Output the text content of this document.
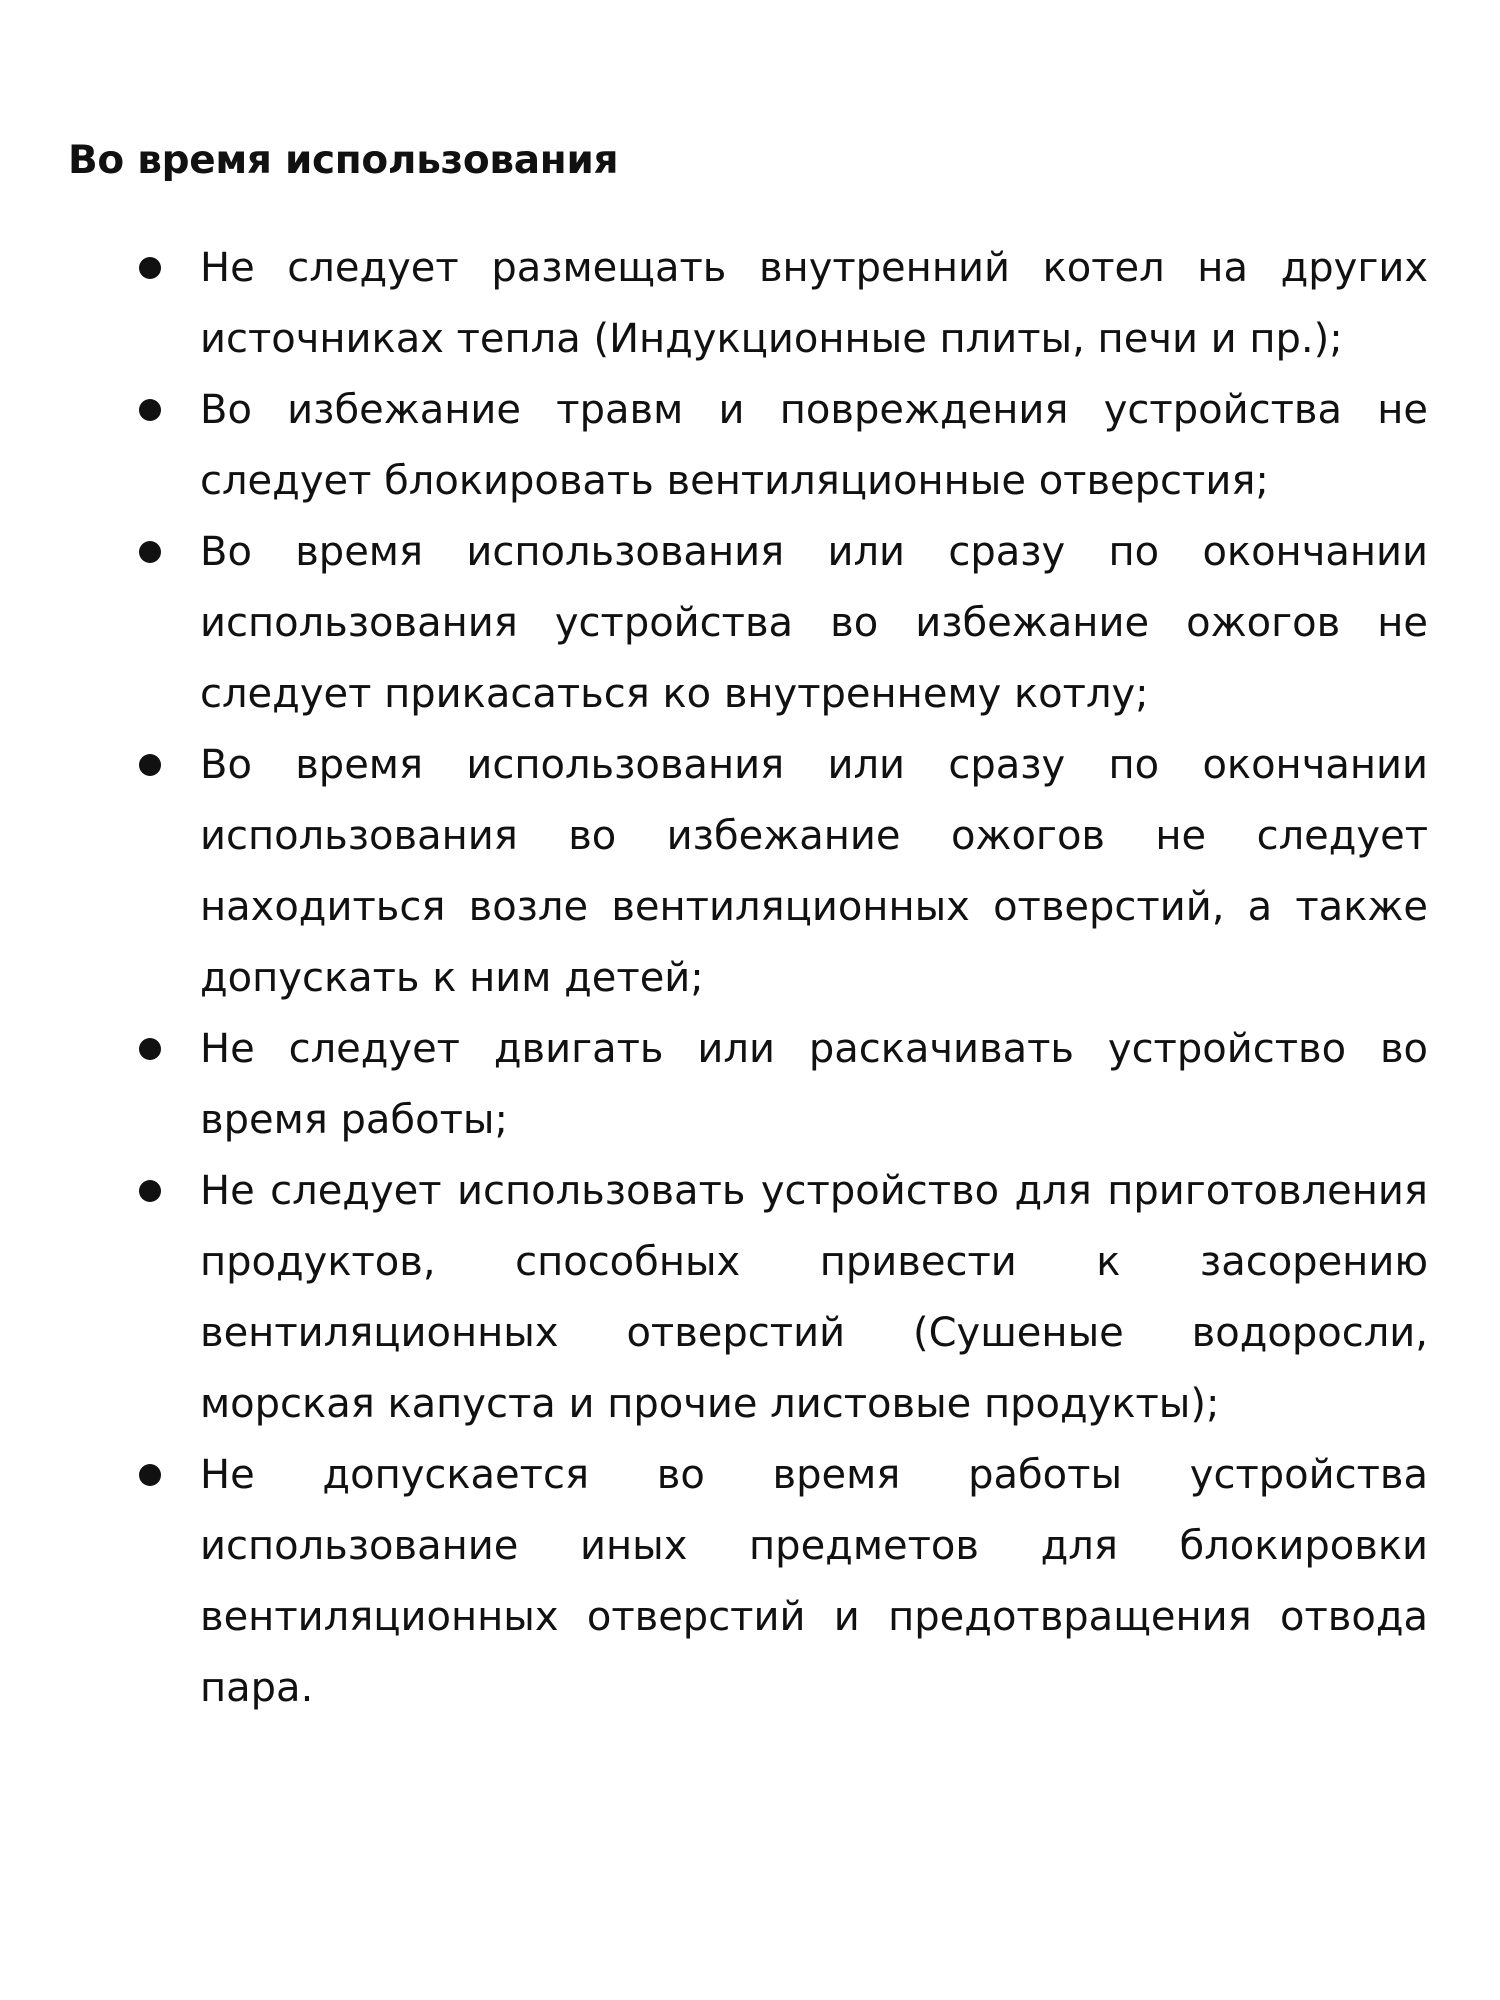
Во время использования
Не следует размещать внутренний котел на других источниках тепла (Индукционные плиты, печи и пр.);
Во избежание травм и повреждения устройства не следует блокировать вентиляционные отверстия;
Во время использования или сразу по окончании использования устройства во избежание ожогов не следует прикасаться ко внутреннему котлу;
Во время использования или сразу по окончании использования во избежание ожогов не следует находиться возле вентиляционных отверстий, а также допускать к ним детей;
Не следует двигать или раскачивать устройство во время работы;
Не следует использовать устройство для приготовления продуктов, способных привести к засорению вентиляционных отверстий (Сушеные водоросли, морская капуста и прочие листовые продукты);
Не допускается во время работы устройства использование иных предметов для блокировки вентиляционных отверстий и предотвращения отвода пара.
